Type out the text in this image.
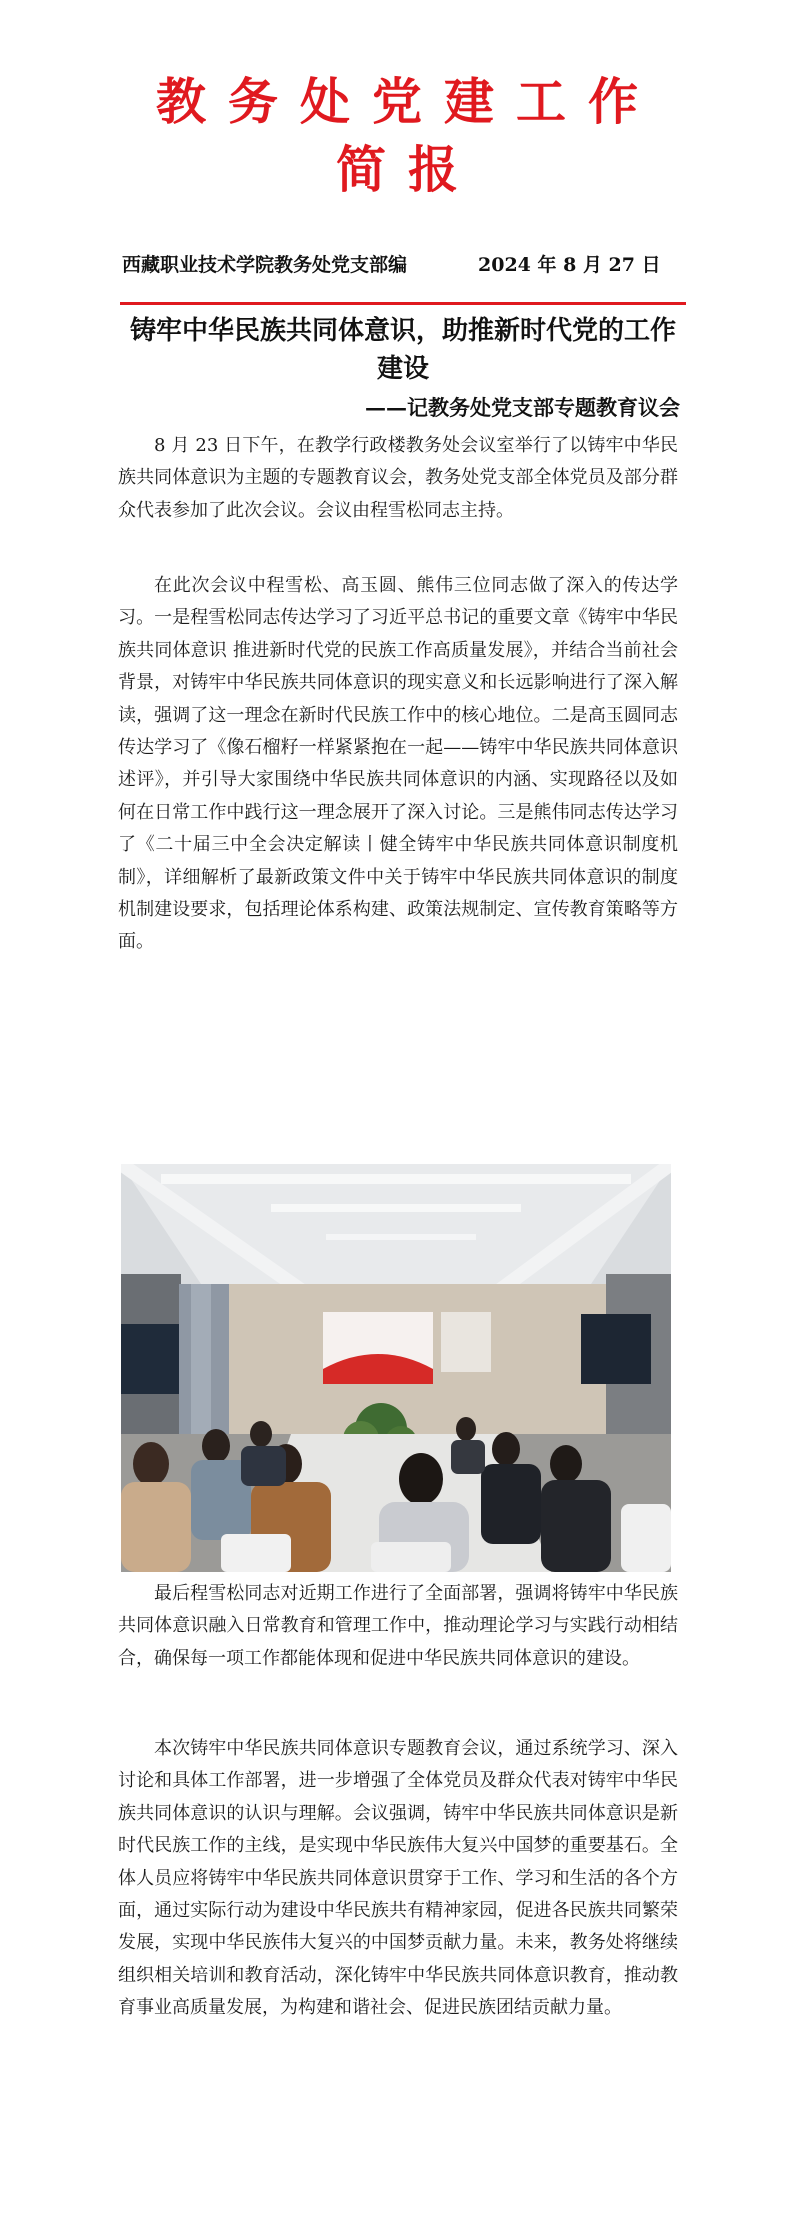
教务处党建工作
简报
西藏职业技术学院教务处党支部编	2024 年 8 月 27 日
铸牢中华民族共同体意识，助推新时代党的工作建设
——记教务处党支部专题教育议会

8 月 23 日下午，在教学行政楼教务处会议室举行了以铸牢中华民族共同体意识为主题的专题教育议会，教务处党支部全体党员及部分群众代表参加了此次会议。会议由程雪松同志主持。

在此次会议中程雪松、高玉圆、熊伟三位同志做了深入的传达学习。一是程雪松同志传达学习了习近平总书记的重要文章《铸牢中华民族共同体意识 推进新时代党的民族工作高质量发展》，并结合当前社会背景，对铸牢中华民族共同体意识的现实意义和长远影响进行了深入解读，强调了这一理念在新时代民族工作中的核心地位。二是高玉圆同志传达学习了《像石榴籽一样紧紧抱在一起——铸牢中华民族共同体意识述评》，并引导大家围绕中华民族共同体意识的内涵、实现路径以及如何在日常工作中践行这一理念展开了深入讨论。三是熊伟同志传达学习了《二十届三中全会决定解读丨健全铸牢中华民族共同体意识制度机制》，详细解析了最新政策文件中关于铸牢中华民族共同体意识的制度机制建设要求，包括理论体系构建、政策法规制定、宣传教育策略等方面。

最后程雪松同志对近期工作进行了全面部署，强调将铸牢中华民族共同体意识融入日常教育和管理工作中，推动理论学习与实践行动相结合，确保每一项工作都能体现和促进中华民族共同体意识的建设。

本次铸牢中华民族共同体意识专题教育会议，通过系统学习、深入讨论和具体工作部署，进一步增强了全体党员及群众代表对铸牢中华民族共同体意识的认识与理解。会议强调，铸牢中华民族共同体意识是新时代民族工作的主线，是实现中华民族伟大复兴中国梦的重要基石。全体人员应将铸牢中华民族共同体意识贯穿于工作、学习和生活的各个方面，通过实际行动为建设中华民族共有精神家园，促进各民族共同繁荣发展，实现中华民族伟大复兴的中国梦贡献力量。未来，教务处将继续组织相关培训和教育活动，深化铸牢中华民族共同体意识教育，推动教育事业高质量发展，为构建和谐社会、促进民族团结贡献力量。
